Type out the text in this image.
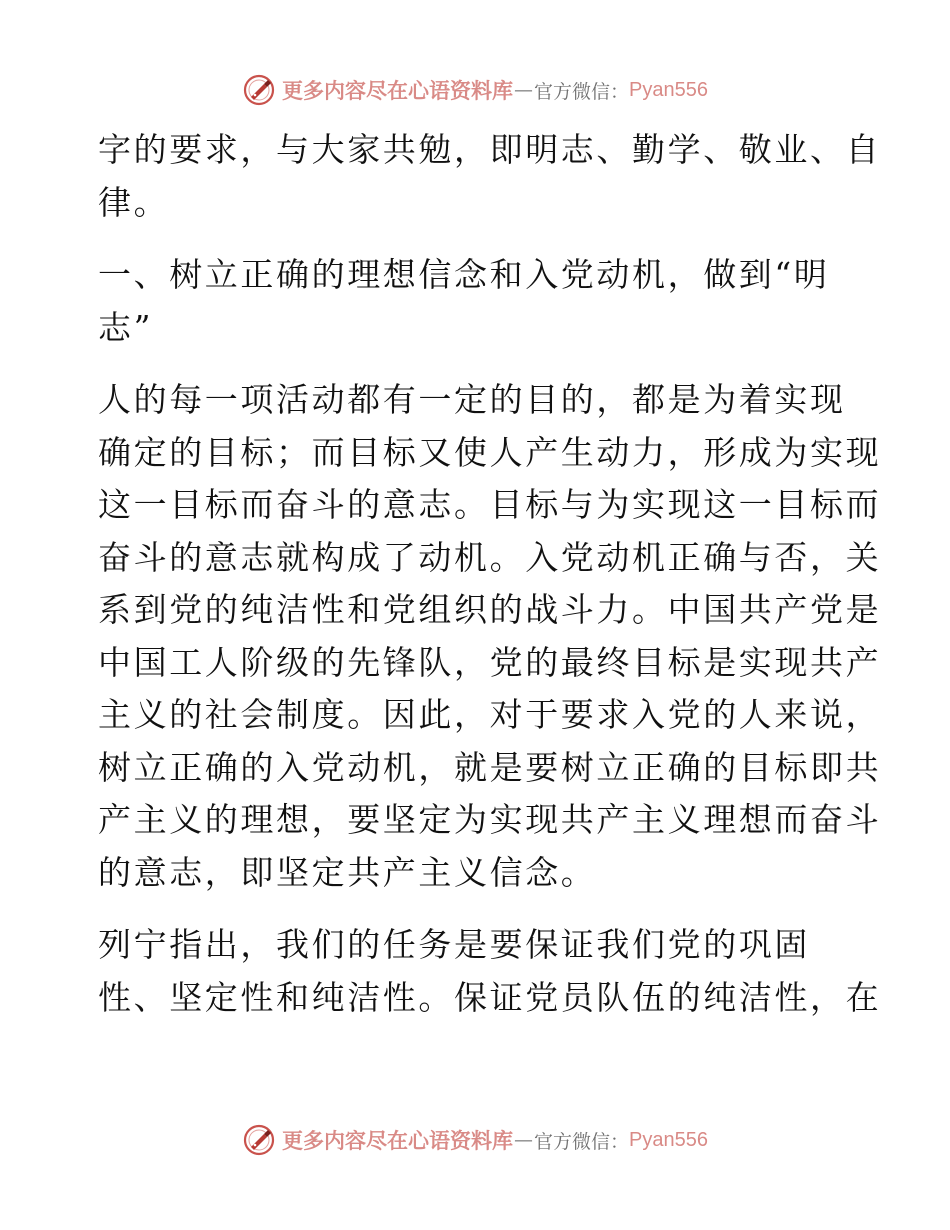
更多内容尽在心语资料库 — 官方微信： Pyan556

字的要求，与大家共勉，即明志、勤学、敬业、自
律。

一、树立正确的理想信念和入党动机，做到“明
志”

人的每一项活动都有一定的目的，都是为着实现
确定的目标；而目标又使人产生动力，形成为实现
这一目标而奋斗的意志。目标与为实现这一目标而
奋斗的意志就构成了动机。入党动机正确与否，关
系到党的纯洁性和党组织的战斗力。中国共产党是
中国工人阶级的先锋队，党的最终目标是实现共产
主义的社会制度。因此，对于要求入党的人来说，
树立正确的入党动机，就是要树立正确的目标即共
产主义的理想，要坚定为实现共产主义理想而奋斗
的意志，即坚定共产主义信念。

列宁指出，我们的任务是要保证我们党的巩固
性、坚定性和纯洁性。保证党员队伍的纯洁性，在

更多内容尽在心语资料库 — 官方微信： Pyan556
